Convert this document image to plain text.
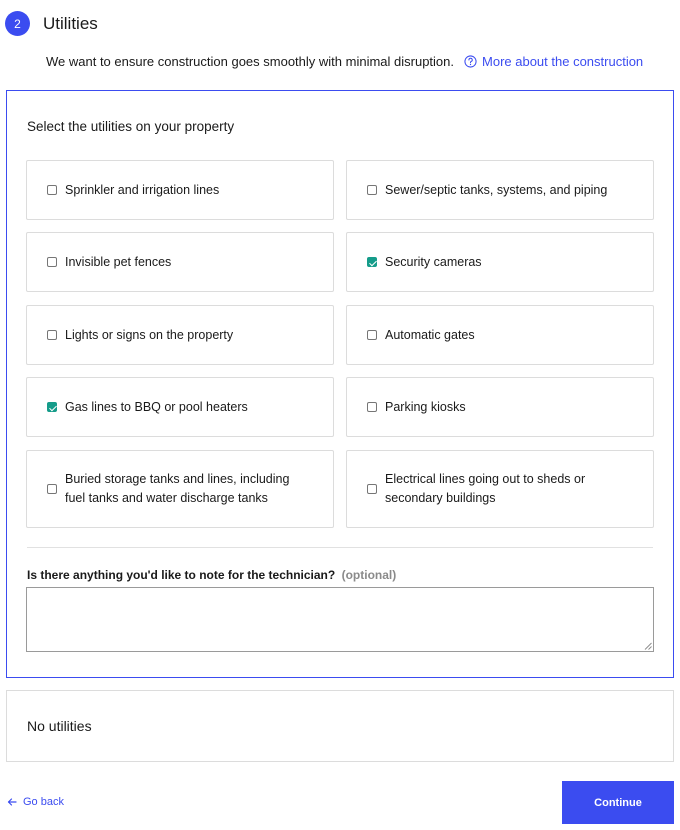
2	Utilities
We want to ensure construction goes smoothly with minimal disruption. More about the construction
Select the utilities on your property
Sprinkler and irrigation lines	Sewer/septic tanks, systems, and piping
Invisible pet fences	Security cameras
Lights or signs on the property	Automatic gates
Gas lines to BBQ or pool heaters	Parking kiosks
Buried storage tanks and lines, including fuel tanks and water discharge tanks
Electrical lines going out to sheds or secondary buildings
Is there anything you'd like to note for the technician? (optional)
No utilities
Go back	Continue
